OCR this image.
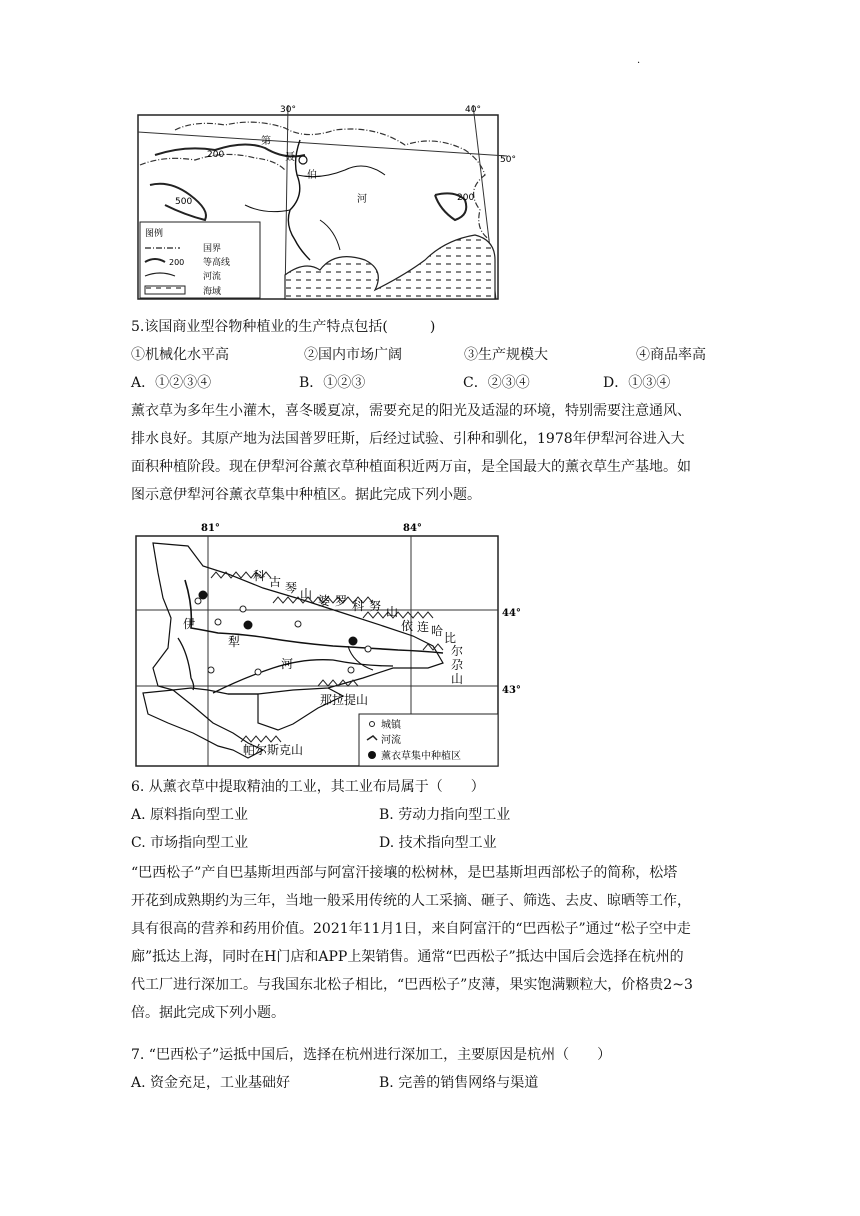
·
30°	40°
50°
200
500	200
第
聂
伯
河
图例
国界
200 等高线
河流
海域
5.该国商业型谷物种植业的生产特点包括(　　　)
①机械化水平高	②国内市场广阔	③生产规模大	④商品率高
A．①②③④	B．①②③	C．②③④	D．①③④
薰衣草为多年生小灌木，喜冬暖夏凉，需要充足的阳光及适湿的环境，特别需要注意通风、
排水良好。其原产地为法国普罗旺斯，后经过试验、引种和驯化，1978年伊犁河谷进入大
面积种植阶段。现在伊犁河谷薰衣草种植面积近两万亩，是全国最大的薰衣草生产基地。如
图示意伊犁河谷薰衣草集中种植区。据此完成下列小题。
81°	84°
44°
43°
科 古 琴 山 婆 罗 科 努 山
依 连 哈 比
尔
尕
山
那拉提山
帕尔斯克山
伊
犁
河
城镇
河流
薰衣草集中种植区
6. 从薰衣草中提取精油的工业，其工业布局属于（　　）
A. 原料指向型工业	B. 劳动力指向型工业
C. 市场指向型工业	D. 技术指向型工业
“巴西松子”产自巴基斯坦西部与阿富汗接壤的松树林，是巴基斯坦西部松子的简称，松塔
开花到成熟期约为三年，当地一般采用传统的人工采摘、砸子、筛选、去皮、晾晒等工作，
具有很高的营养和药用价值。2021年11月1日，来自阿富汗的“巴西松子”通过“松子空中走
廊”抵达上海，同时在H门店和APP上架销售。通常“巴西松子”抵达中国后会选择在杭州的
代工厂进行深加工。与我国东北松子相比，“巴西松子”皮薄，果实饱满颗粒大，价格贵2~3
倍。据此完成下列小题。
7. “巴西松子”运抵中国后，选择在杭州进行深加工，主要原因是杭州（　　）
A. 资金充足，工业基础好	B. 完善的销售网络与渠道
